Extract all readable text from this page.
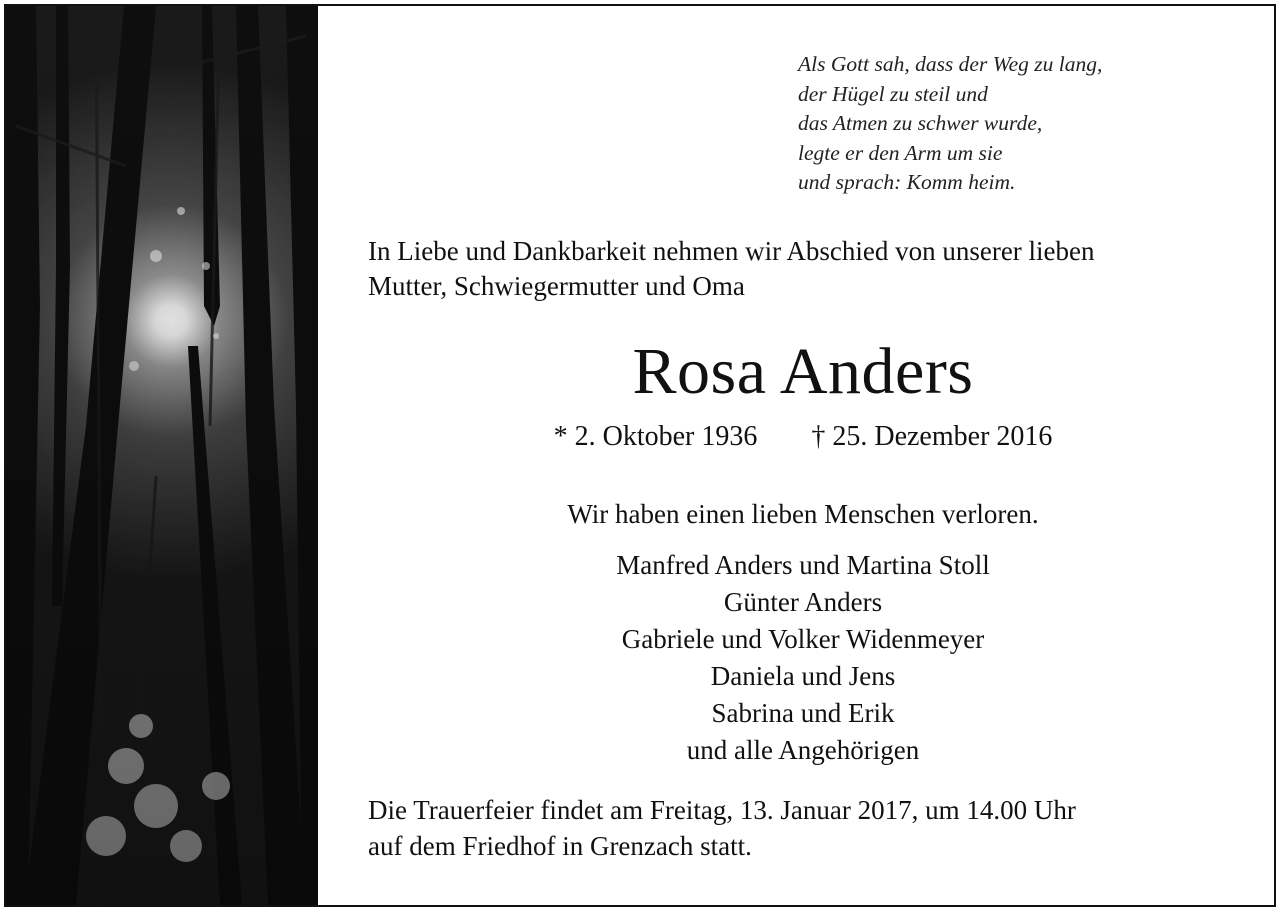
Als Gott sah, dass der Weg zu lang,
der Hügel zu steil und
das Atmen zu schwer wurde,
legte er den Arm um sie
und sprach: Komm heim.
In Liebe und Dankbarkeit nehmen wir Abschied von unserer lieben
Mutter, Schwiegermutter und Oma
Rosa Anders
* 2. Oktober 1936 † 25. Dezember 2016
Wir haben einen lieben Menschen verloren.
Manfred Anders und Martina Stoll
Günter Anders
Gabriele und Volker Widenmeyer
Daniela und Jens
Sabrina und Erik
und alle Angehörigen
Die Trauerfeier findet am Freitag, 13. Januar 2017, um 14.00 Uhr
auf dem Friedhof in Grenzach statt.
